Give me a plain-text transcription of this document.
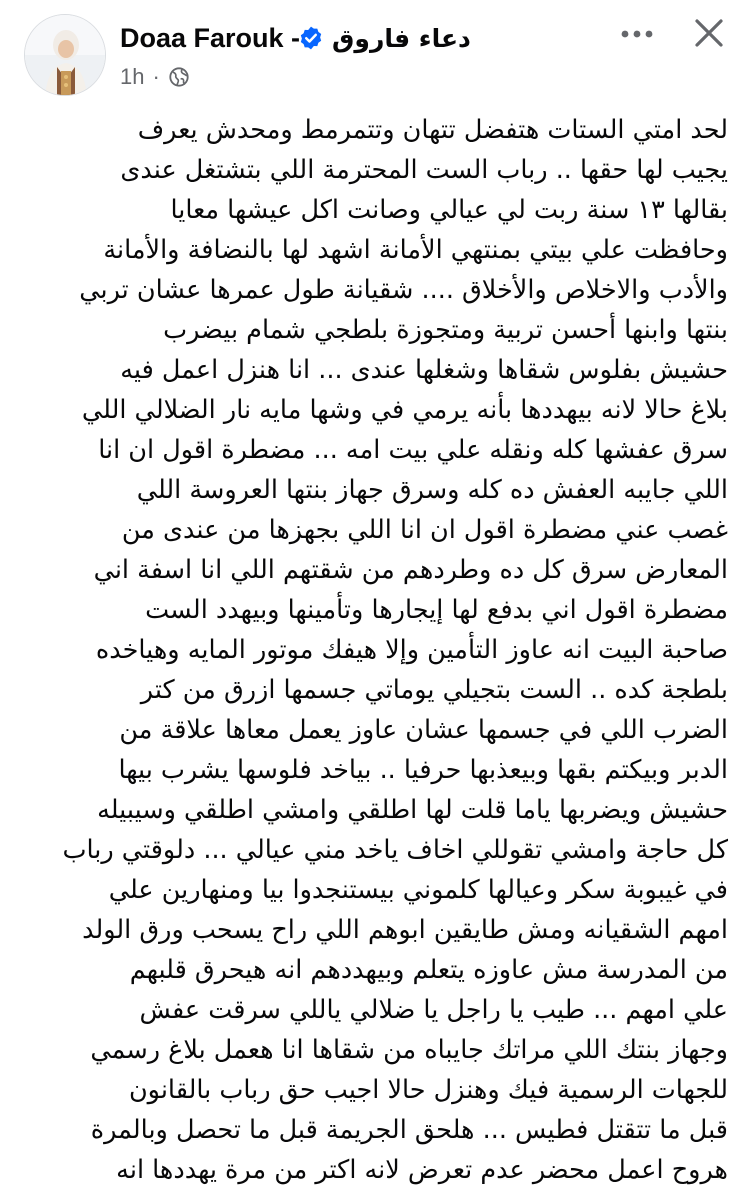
Doaa Farouk - دعاء فاروق
1h ·
لحد امتي الستات هتفضل تتهان وتتمرمط ومحدش يعرف
يجيب لها حقها .. رباب الست المحترمة اللي بتشتغل عندى
بقالها ١٣ سنة ربت لي عيالي وصانت اكل عيشها معايا
وحافظت علي بيتي بمنتهي الأمانة اشهد لها بالنضافة والأمانة
والأدب والاخلاص والأخلاق .... شقيانة طول عمرها عشان تربي
بنتها وابنها أحسن تربية ومتجوزة بلطجي شمام بيضرب
حشيش بفلوس شقاها وشغلها عندى ... انا هنزل اعمل فيه
بلاغ حالا لانه بيهددها بأنه يرمي في وشها مايه نار الضلالي اللي
سرق عفشها كله ونقله علي بيت امه ... مضطرة اقول ان انا
اللي جايبه العفش ده كله وسرق جهاز بنتها العروسة اللي
غصب عني مضطرة اقول ان انا اللي بجهزها من عندى من
المعارض سرق كل ده وطردهم من شقتهم اللي انا اسفة اني
مضطرة اقول اني بدفع لها إيجارها وتأمينها وبيهدد الست
صاحبة البيت انه عاوز التأمين وإلا هيفك موتور المايه وهياخده
بلطجة كده .. الست بتجيلي يوماتي جسمها ازرق من كتر
الضرب اللي في جسمها عشان عاوز يعمل معاها علاقة من
الدبر وبيكتم بقها وبيعذبها حرفيا .. بياخد فلوسها يشرب بيها
حشيش ويضربها ياما قلت لها اطلقي وامشي اطلقي وسيبيله
كل حاجة وامشي تقوللي اخاف ياخد مني عيالي ... دلوقتي رباب
في غيبوبة سكر وعيالها كلموني بيستنجدوا بيا ومنهارين علي
امهم الشقيانه ومش طايقين ابوهم اللي راح يسحب ورق الولد
من المدرسة مش عاوزه يتعلم وبيهددهم انه هيحرق قلبهم
علي امهم ... طيب يا راجل يا ضلالي ياللي سرقت عفش
وجهاز بنتك اللي مراتك جايباه من شقاها انا هعمل بلاغ رسمي
للجهات الرسمية فيك وهنزل حالا اجيب حق رباب بالقانون
قبل ما تتقتل فطيس ... هلحق الجريمة قبل ما تحصل وبالمرة
هروح اعمل محضر عدم تعرض لانه اكتر من مرة يهددها انه
